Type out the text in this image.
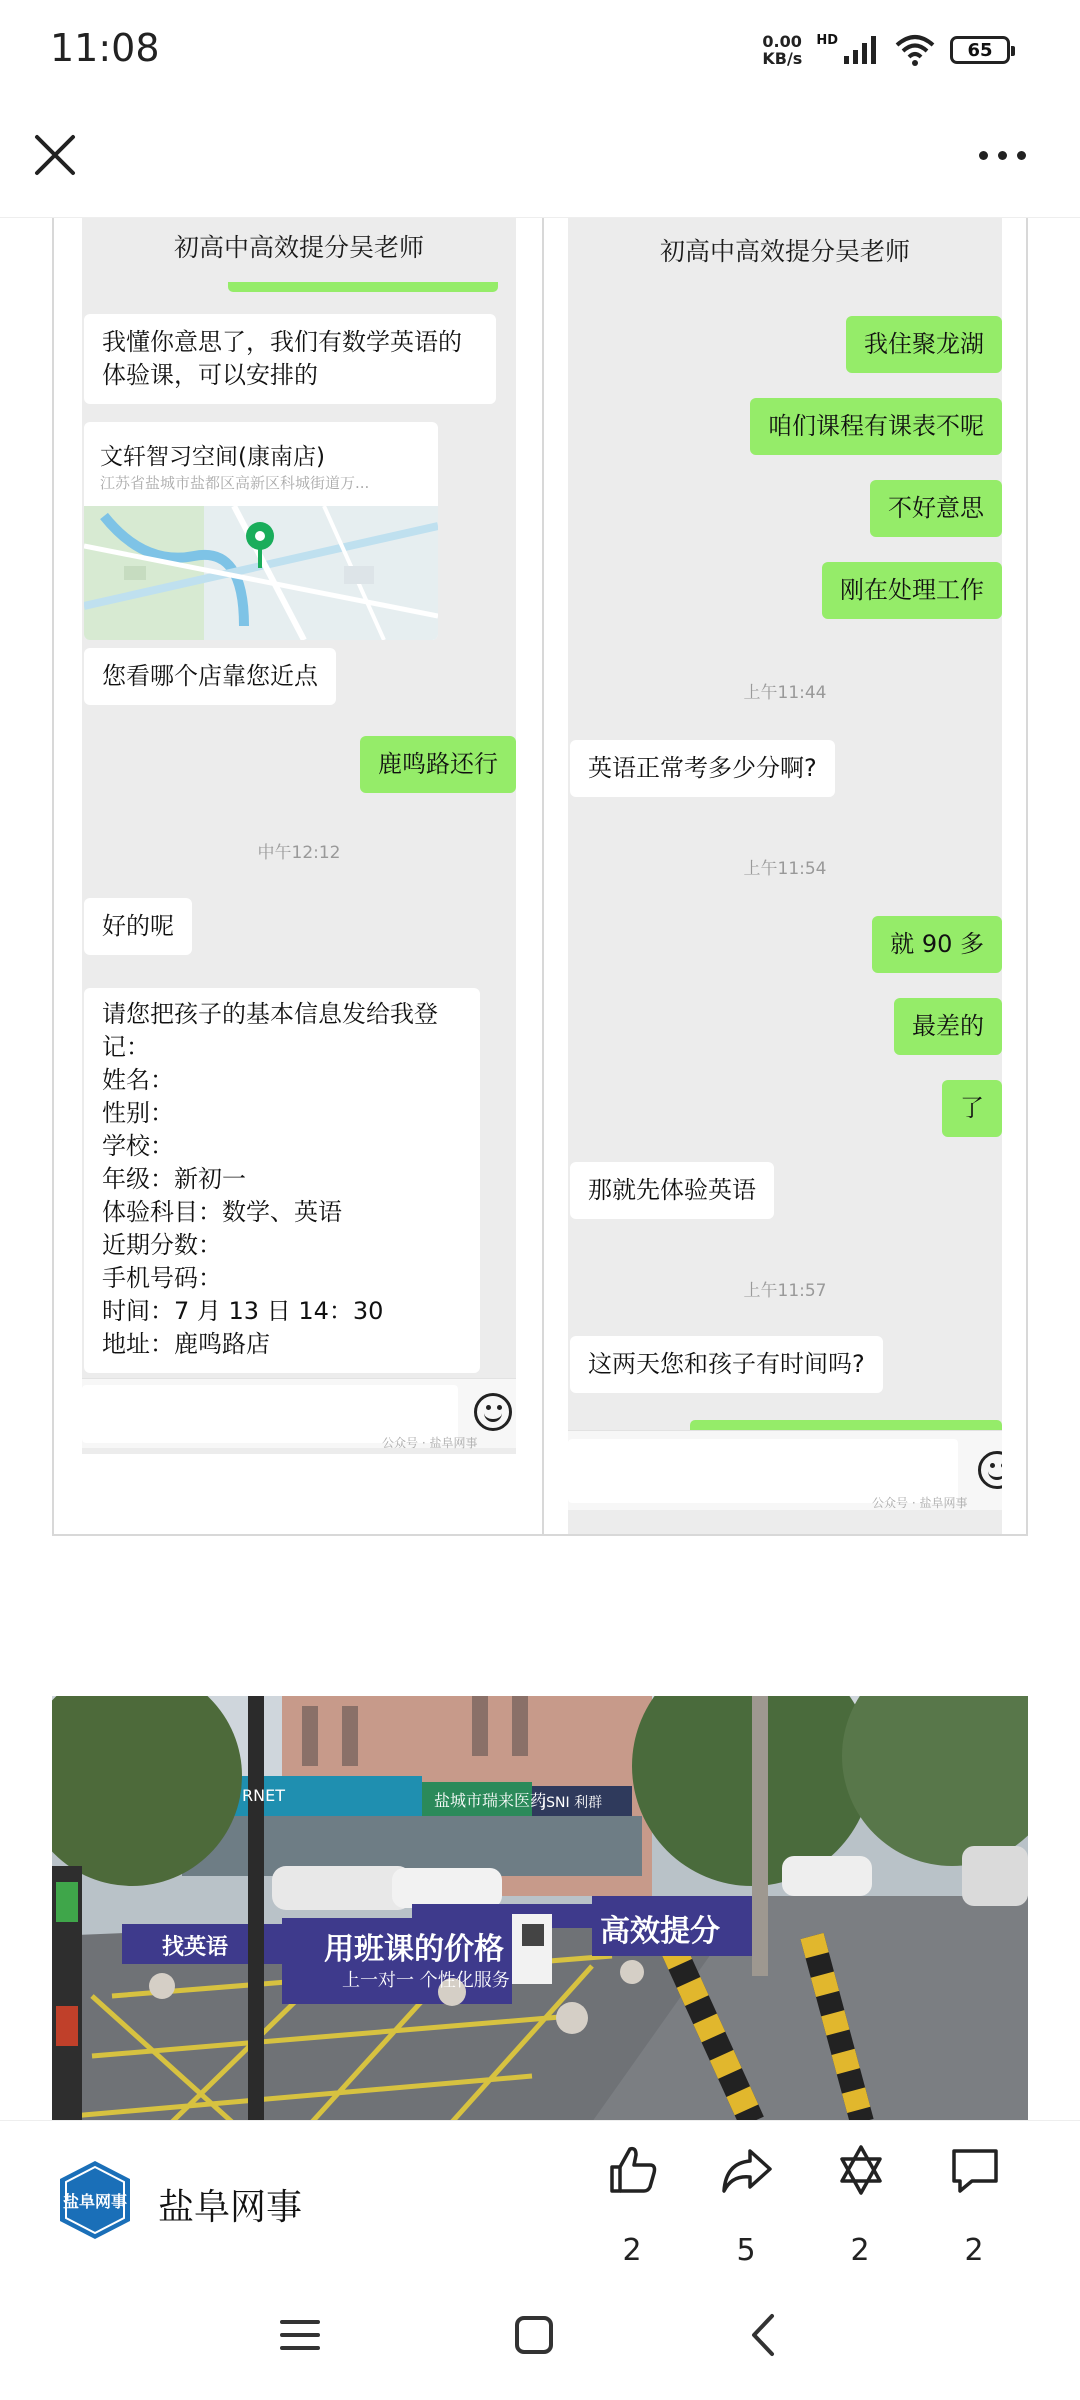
11:08	0.00
KB/s
HD	65
初高中高效提分吴老师
我懂你意思了，我们有数学英语的
体验课，可以安排的
文轩智习空间(康南店)
江苏省盐城市盐都区高新区科城街道万...
您看哪个店靠您近点
鹿鸣路还行
中午12:12
好的呢
请您把孩子的基本信息发给我登
记：
姓名：
性别：
学校：
年级：新初一
体验科目：数学、英语
近期分数：
手机号码：
时间：7 月 13 日 14：30
地址：鹿鸣路店
公众号 · 盐阜网事
初高中高效提分吴老师
我住聚龙湖
咱们课程有课表不呢
不好意思
刚在处理工作
上午11:44
英语正常考多少分啊?
上午11:54
就 90 多
最差的
了
那就先体验英语
上午11:57
这两天您和孩子有时间吗?
公众号 · 盐阜网事
找英语	用班课的价格
上一对一 个性化服务
高效提分
盐城市瑞来医药
RNET	JSNI 利群
盐阜网事 盐阜网事
2	5	2	2
